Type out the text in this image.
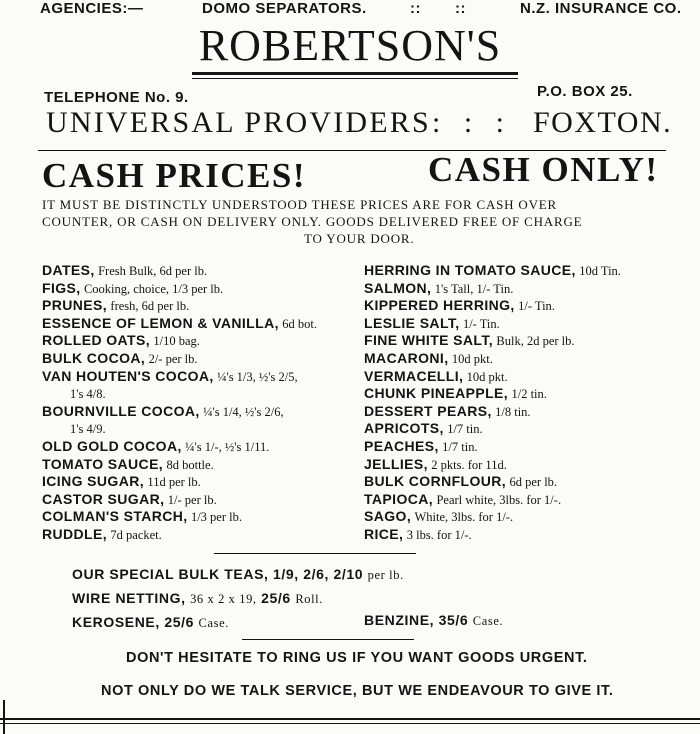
AGENCIES:—	DOMO SEPARATORS.	:: ::	N.Z. INSURANCE CO.
ROBERTSON'S
TELEPHONE No. 9.	P.O. BOX 25.
UNIVERSAL PROVIDERS : : : FOXTON.
CASH PRICES!	CASH ONLY!
IT MUST BE DISTINCTLY UNDERSTOOD THESE PRICES ARE FOR CASH OVER
COUNTER, OR CASH ON DELIVERY ONLY. GOODS DELIVERED FREE OF CHARGE
TO YOUR DOOR.
DATES, Fresh Bulk, 6d per lb.
FIGS, Cooking, choice, 1/3 per lb.
PRUNES, fresh, 6d per lb.
ESSENCE OF LEMON & VANILLA, 6d bot.
ROLLED OATS, 1/10 bag.
BULK COCOA, 2/- per lb.
VAN HOUTEN'S COCOA, ¼'s 1/3, ½'s 2/5,
1's 4/8.
BOURNVILLE COCOA, ¼'s 1/4, ½'s 2/6,
1's 4/9.
OLD GOLD COCOA, ¼'s 1/-, ½'s 1/11.
TOMATO SAUCE, 8d bottle.
ICING SUGAR, 11d per lb.
CASTOR SUGAR, 1/- per lb.
COLMAN'S STARCH, 1/3 per lb.
RUDDLE, 7d packet.
HERRING IN TOMATO SAUCE, 10d Tin.
SALMON, 1's Tall, 1/- Tin.
KIPPERED HERRING, 1/- Tin.
LESLIE SALT, 1/- Tin.
FINE WHITE SALT, Bulk, 2d per lb.
MACARONI, 10d pkt.
VERMACELLI, 10d pkt.
CHUNK PINEAPPLE, 1/2 tin.
DESSERT PEARS, 1/8 tin.
APRICOTS, 1/7 tin.
PEACHES, 1/7 tin.
JELLIES, 2 pkts. for 11d.
BULK CORNFLOUR, 6d per lb.
TAPIOCA, Pearl white, 3lbs. for 1/-.
SAGO, White, 3lbs. for 1/-.
RICE, 3 lbs. for 1/-.
OUR SPECIAL BULK TEAS, 1/9, 2/6, 2/10 per lb.
WIRE NETTING, 36 x 2 x 19, 25/6 Roll.
KEROSENE, 25/6 Case.	BENZINE, 35/6 Case.
DON'T HESITATE TO RING US IF YOU WANT GOODS URGENT.
NOT ONLY DO WE TALK SERVICE, BUT WE ENDEAVOUR TO GIVE IT.
